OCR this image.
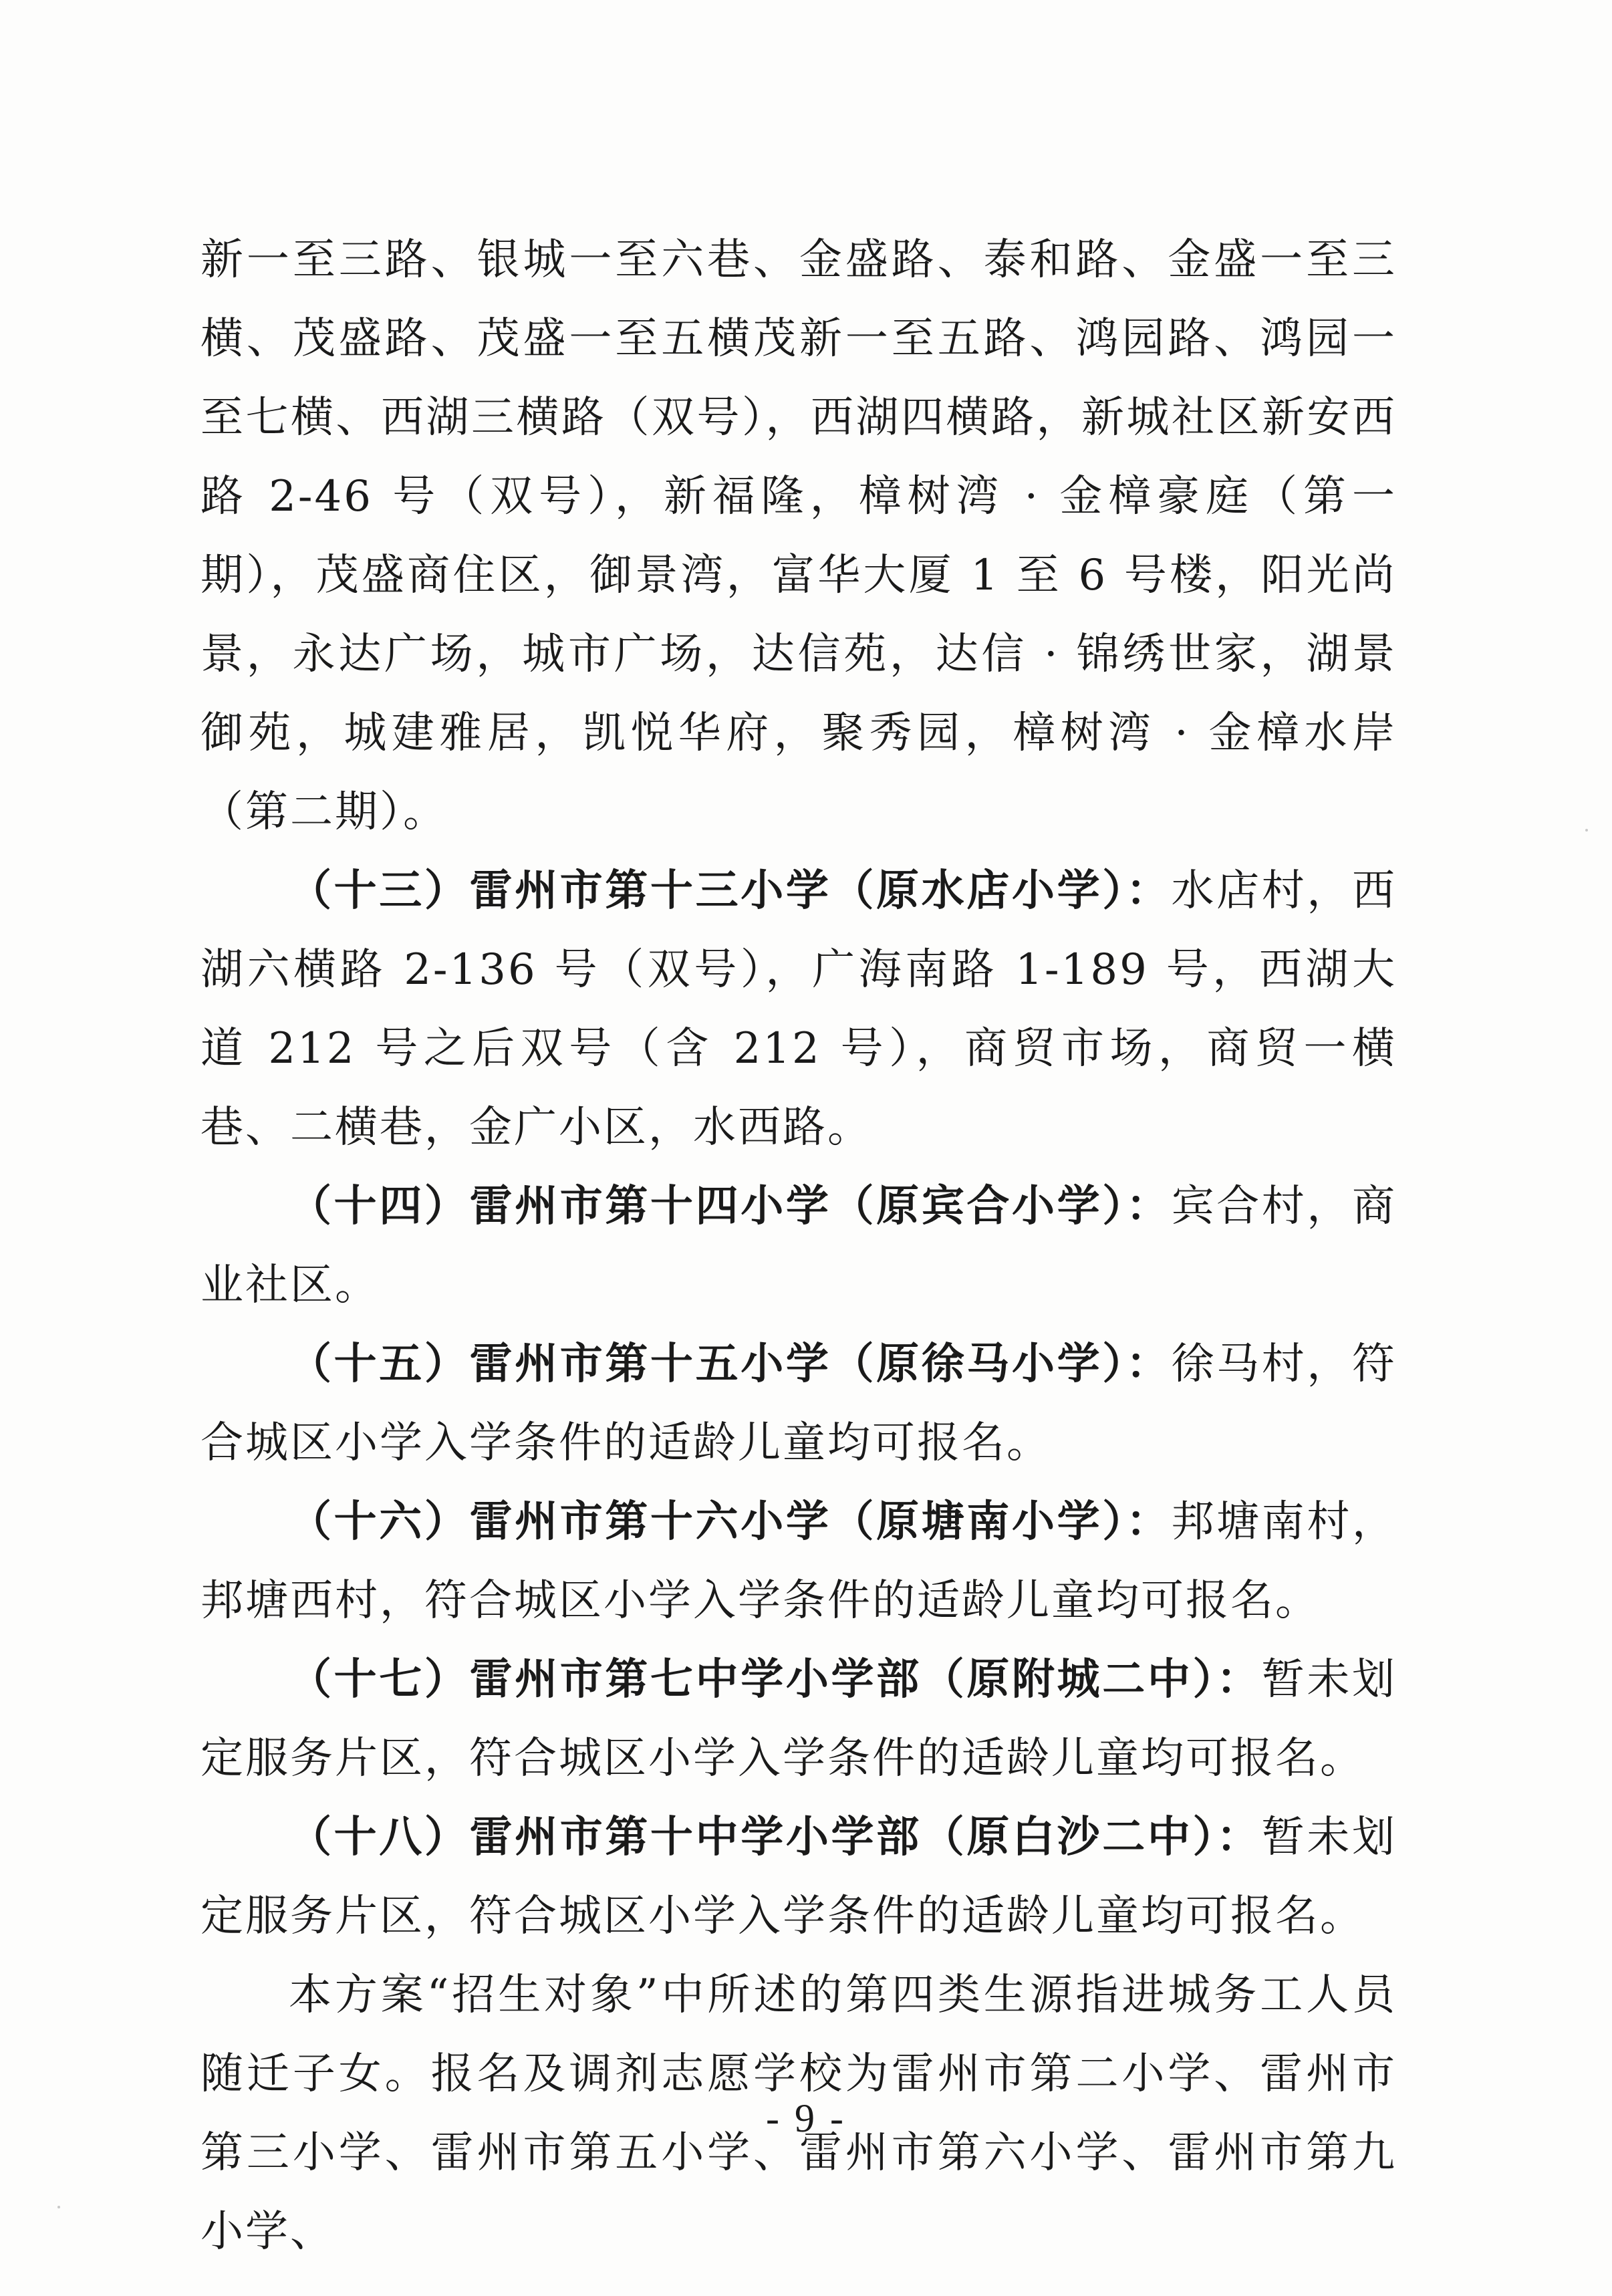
新一至三路、银城一至六巷、金盛路、泰和路、金盛一至三横、茂盛路、茂盛一至五横茂新一至五路、鸿园路、鸿园一至七横、西湖三横路（双号），西湖四横路，新城社区新安西路 2-46 号（双号），新福隆，樟树湾 · 金樟豪庭（第一期），茂盛商住区，御景湾，富华大厦 1 至 6 号楼，阳光尚景，永达广场，城市广场，达信苑，达信 · 锦绣世家，湖景御苑，城建雅居，凯悦华府，聚秀园，樟树湾 · 金樟水岸（第二期）。

（十三）雷州市第十三小学（原水店小学）：水店村，西湖六横路 2-136 号（双号），广海南路 1-189 号，西湖大道 212 号之后双号（含 212 号），商贸市场，商贸一横巷、二横巷，金广小区，水西路。

（十四）雷州市第十四小学（原宾合小学）：宾合村，商业社区。

（十五）雷州市第十五小学（原徐马小学）：徐马村，符合城区小学入学条件的适龄儿童均可报名。

（十六）雷州市第十六小学（原塘南小学）：邦塘南村，邦塘西村，符合城区小学入学条件的适龄儿童均可报名。

（十七）雷州市第七中学小学部（原附城二中）：暂未划定服务片区，符合城区小学入学条件的适龄儿童均可报名。

（十八）雷州市第十中学小学部（原白沙二中）：暂未划定服务片区，符合城区小学入学条件的适龄儿童均可报名。

本方案“招生对象”中所述的第四类生源指进城务工人员随迁子女。报名及调剂志愿学校为雷州市第二小学、雷州市第三小学、雷州市第五小学、雷州市第六小学、雷州市第九小学、

- 9 -
